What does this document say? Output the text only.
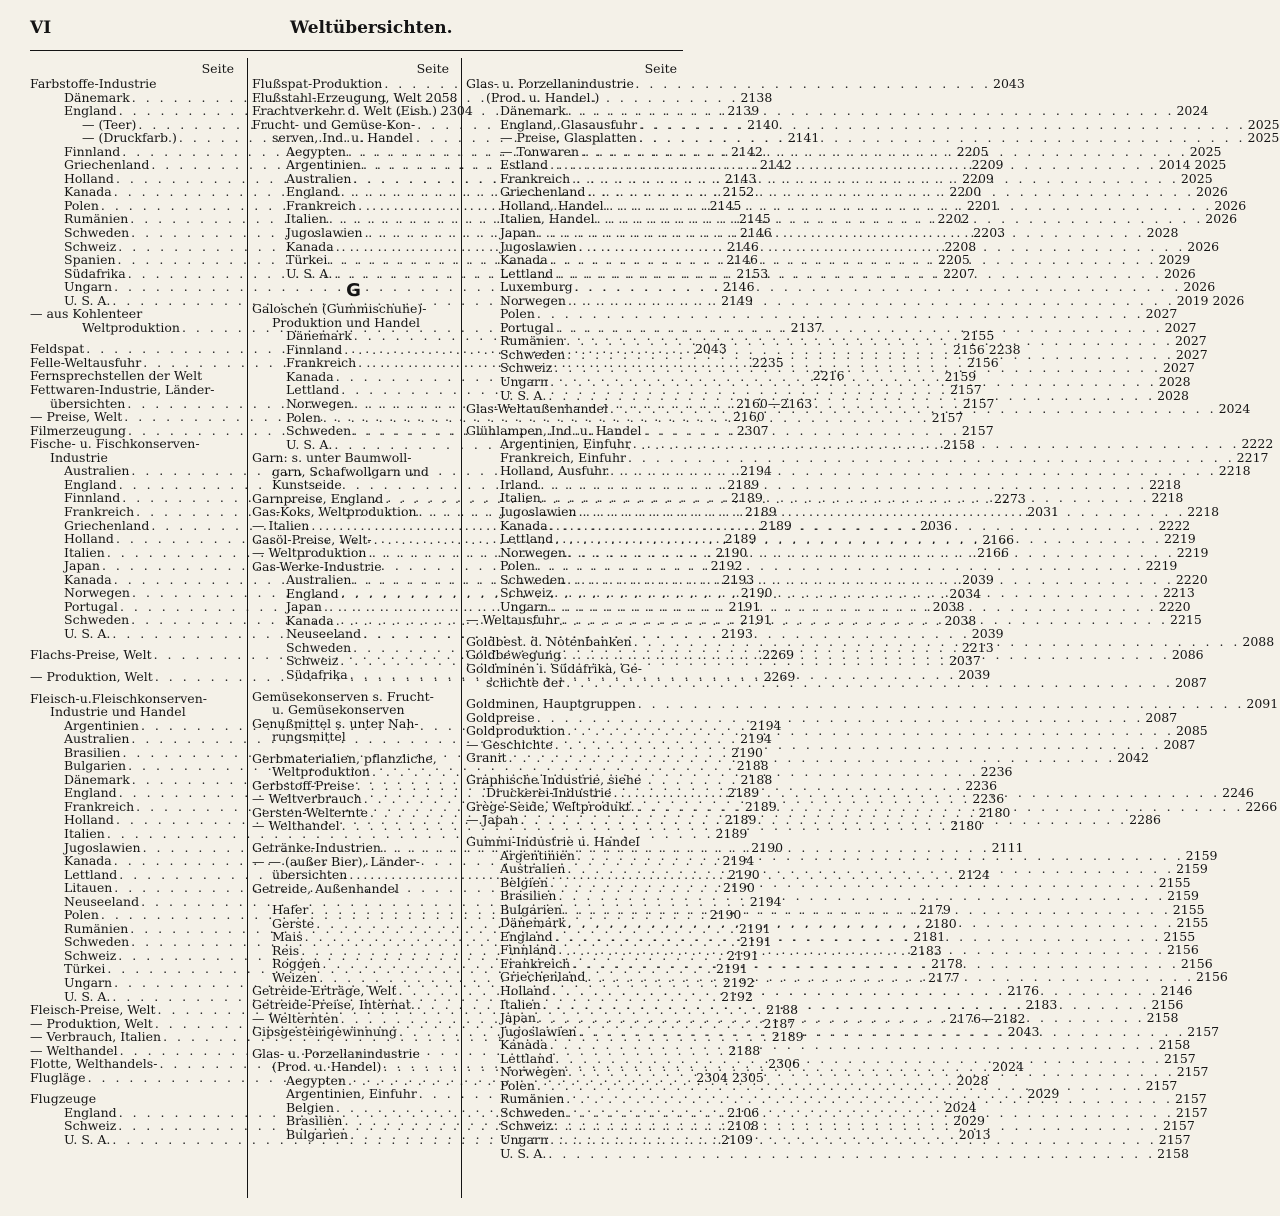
VI	Weltübersichten.
Seite
Farbstoffe-Industrie
Dänemark . . .	2138
England . . .	2139
— (Teer) . . .	2140
— (Druckfarb.) . . .	2141
Finnland . . .	2142
Griechenland . . .	2142
Holland . . .	2143
Kanada . . .	2152
Polen . . .	2145
Rumänien . . .	2145
Schweden . . .	2146
Schweiz . . .	2146
Spanien . . .	2146
Südafrika . . .	2153
Ungarn . . .	2146
U. S. A. . . .	2149
— aus Kohlenteer
Weltproduktion . . .	2137
Feldspat . . .	2043
Felle-Weltausfuhr . . .	2235
Fernsprechstellen der Welt	2216
Fettwaren-Industrie, Länder-
übersichten . . .	2160—2163
— Preise, Welt . . .	2160
Filmerzeugung . . .	2307
Fische- u. Fischkonserven-
Industrie
Australien . . .	2194
England . . .	2189
Finnland . . .	2189
Frankreich . . .	2189
Griechenland . . .	2189
Holland . . .	2189
Italien . . .	2190
Japan . . .	2192
Kanada . . .	2193
Norwegen . . .	2190
Portugal . . .	2191
Schweden . . .	2191
U. S. A. . . .	2193
Flachs-Preise, Welt . . .	2269
— Produktion, Welt . . .	2269
Fleisch-u.Fleischkonserven-
Industrie und Handel
Argentinien . . .	2194
Australien . . .	2194
Brasilien . . .	2190
Bulgarien . . .	2188
Dänemark . . .	2188
England . . .	2189
Frankreich . . .	2189
Holland . . .	2189
Italien . . .	2189
Jugoslawien . . .	2190
Kanada . . .	2194
Lettland . . .	2190
Litauen . . .	2190
Neuseeland . . .	2194
Polen . . .	2190
Rumänien . . .	2191
Schweden . . .	2191
Schweiz . . .	2191
Türkei . . .	2191
Ungarn . . .	2192
U. S. A. . . .	2192
Fleisch-Preise, Welt . . .	2188
— Produktion, Welt . . .	2187
— Verbrauch, Italien . . .	2189
— Welthandel . . .	2188
Flotte, Welthandels- . . .	2306
Flugläge . . .	2304 2305
Flugzeuge
England . . .	2106
Schweiz . . .	2108
U. S. A. . . .	2109
Seite
Flußspat-Produktion . . .	2043
Flußstahl-Erzeugung, Welt 2058
Frachtverkehr d. Welt (Eisb.) 2304
Frucht- und Gemüse-Kon-
serven, Ind. u. Handel
Aegypten . . .	2205
Argentinien . . .	2209
Australien . . .	2209
England . . .	2200
Frankreich . . .	2201
Italien . . .	2202
Jugoslawien . . .	2203
Kanada . . .	2208
Türkei . . .	2205
U. S. A. . . .	2207
G
Galoschen (Gummischuhe)-
Produktion und Handel
Dänemark . . .	2155
Finnland . . .	2156 2238
Frankreich . . .	2156
Kanada . . .	2159
Lettland . . .	2157
Norwegen . . .	2157
Polen . . .	2157
Schweden . . .	2157
U. S. A. . . .	2158
Garn: s. unter Baumwoll-
garn, Schafwollgarn und
Kunstseide
Garnpreise, England . . .	2273
Gas-Koks, Weltproduktion . . .	2031
— Italien . . .	2036
Gasöl-Preise, Welt- . . .	2166
— Weltproduktion . . .	2166
Gas-Werke-Industrie
Australien . . .	2039
England . . .	2034
Japan . . .	2038
Kanada . . .	2038
Neuseeland . . .	2039
Schweden . . .	2213
Schweiz . . .	2037
Südafrika . . .	2039
Gemüsekonserven s. Frucht-
u. Gemüsekonserven
Genußmittel s. unter Nah-
rungsmittel
Gerbmaterialien, pflanzliche,
Weltproduktion . . .	2236
Gerbstoff-Preise . . .	2236
— Weltverbrauch . . .	2236
Gersten-Welternte . . .	2180
— Welthandel . . .	2180
Getränke-Industrien . . .	2111
— — (außer Bier), Länder-
übersichten . . .	2124
Getreide, Außenhandel
Hafer . . .	2179
Gerste . . .	2180
Mais . . .	2181
Reis . . .	2183
Roggen . . .	2178
Weizen . . .	2177
Getreide-Erträge, Welt . . .	2176
Getreide-Preise, Internat. . . .	2183
— Welternten . . .	2176—2182
Gipsgesteingewinnung . . .	2043
Glas- u. Porzellanindustrie
(Prod. u. Handel) . . .	2024
Aegypten . . .	2028
Argentinien, Einfuhr . . .	2029
Belgien . . .	2024
Brasilien . . .	2029
Bulgarien . . .	2013
Seite
Glas- u. Porzellanindustrie
(Prod. u. Handel.)
Dänemark . . .	2024
England, Glasausfuhr . . .	2025
— Preise, Glasplatten . . .	2025
— Tonwaren . . .	2025
Estland . . .	2014 2025
Frankreich . . .	2025
Griechenland . . .	2026
Holland, Handel . . .	2026
Italien, Handel . . .	2026
Japan . . .	2028
Jugoslawien . . .	2026
Kanada . . .	2029
Lettland . . .	2026
Luxemburg . . .	2026
Norwegen . . .	2019 2026
Polen . . .	2027
Portugal . . .	2027
Rumänien . . .	2027
Schweden . . .	2027
Schweiz . . .	2027
Ungarn . . .	2028
U. S. A. . . .	2028
Glas-Weltaußenhandel . . .	2024
Glühlampen, Ind. u. Handel
Argentinien, Einfuhr . . .	2222
Frankreich, Einfuhr . . .	2217
Holland, Ausfuhr . . .	2218
Irland . . .	2218
Italien . . .	2218
Jugoslawien . . .	2218
Kanada . . .	2222
Lettland . . .	2219
Norwegen . . .	2219
Polen . . .	2219
Schweden . . .	2220
Schweiz . . .	2213
Ungarn . . .	2220
— Weltausfuhr . . .	2215
Goldbest. d. Notenbanken . . .	2088
Goldbewegung . . .	2086
Goldminen i. Südafrika, Ge-
schichte der . . .	2087
Goldminen, Hauptgruppen . . .	2091
Goldpreise . . .	2087
Goldproduktion . . .	2085
— Geschichte . . .	2087
Granit . . .	2042
Graphische Industrie, siehe
Druckerei-Industrie . . .	2246
Grège-Seide, Weltprodukt. . . .	2266
— Japan . . .	2286
Gummi-Industrie u. Handel
Argentinien . . .	2159
Australien . . .	2159
Belgien . . .	2155
Brasilien . . .	2159
Bulgarien . . .	2155
Dänemark . . .	2155
England . . .	2155
Finnland . . .	2156
Frankreich . . .	2156
Griechenland . . .	2156
Holland . . .	2146
Italien . . .	2156
Japan . . .	2158
Jugoslawien . . .	2157
Kanada . . .	2158
Lettland . . .	2157
Norwegen . . .	2157
Polen . . .	2157
Rumänien . . .	2157
Schweden . . .	2157
Schweiz . . .	2157
Ungarn . . .	2157
U. S. A. . . .	2158
